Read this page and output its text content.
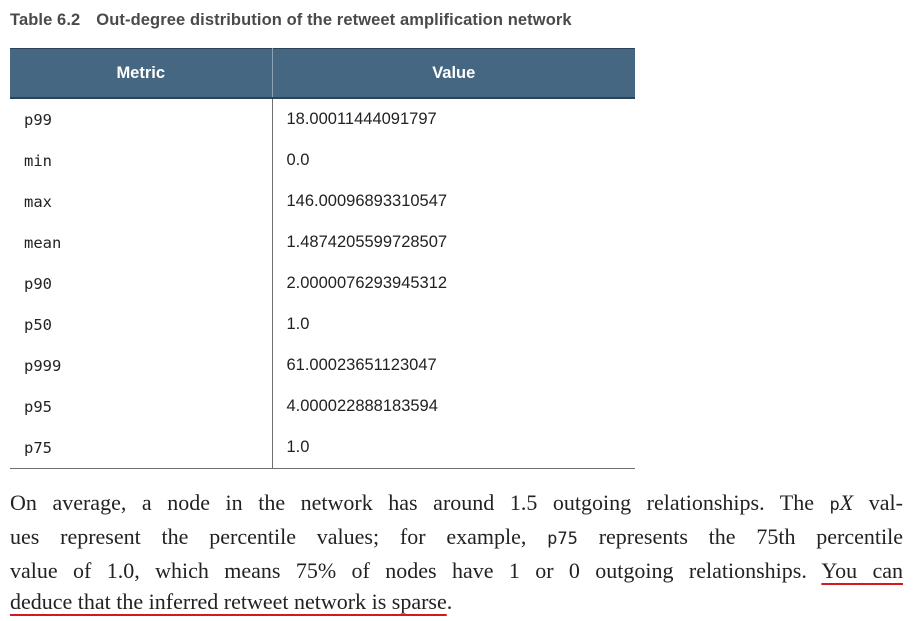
Table 6.2 Out-degree distribution of the retweet amplification network
Metric	Value
p99	18.00011444091797
min	0.0
max	146.00096893310547
mean	1.4874205599728507
p90	2.0000076293945312
p50	1.0
p999	61.00023651123047
p95	4.000022888183594
p75	1.0
On average, a node in the network has around 1.5 outgoing relationships. The pX val-
ues represent the percentile values; for example, p75 represents the 75th percentile
value of 1.0, which means 75% of nodes have 1 or 0 outgoing relationships. You can
deduce that the inferred retweet network is sparse.
